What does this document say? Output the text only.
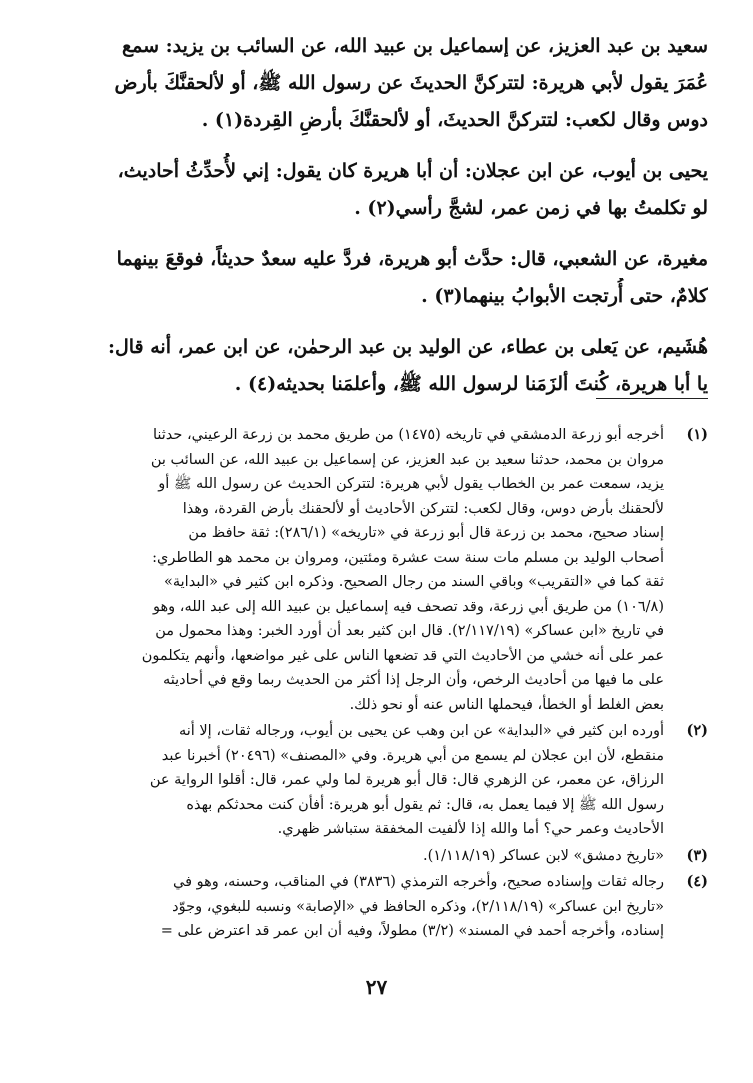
سعيد بن عبد العزيز، عن إسماعيل بن عبيد الله، عن السائب بن يزيد: سمع
عُمَرَ يقول لأبي هريرة: لتتركنَّ الحديثَ عن رسول الله ﷺ، أو لألحقنَّكَ بأرض
دوس وقال لكعب: لتتركنَّ الحديثَ، أو لألحقنَّكَ بأرضِ القِردة(١) .
يحيى بن أيوب، عن ابن عجلان: أن أبا هريرة كان يقول: إني لأُحدِّثُ أحاديث،
لو تكلمتُ بها في زمن عمر، لشجَّ رأسي(٢) .
مغيرة، عن الشعبي، قال: حدَّث أبو هريرة، فردَّ عليه سعدٌ حديثاً، فوقعَ بينهما
كلامٌ، حتى أُرتجت الأبوابُ بينهما(٣) .
هُشَيم، عن يَعلى بن عطاء، عن الوليد بن عبد الرحمٰن، عن ابن عمر، أنه قال:
يا أبا هريرة، كُنتَ ألزَمَنا لرسول الله ﷺ، وأعلمَنا بحديثه(٤) .
(١)
أخرجه أبو زرعة الدمشقي في تاريخه (١٤٧٥) من طريق محمد بن زرعة الرعيني، حدثنا
مروان بن محمد، حدثنا سعيد بن عبد العزيز، عن إسماعيل بن عبيد الله، عن السائب بن
يزيد، سمعت عمر بن الخطاب يقول لأبي هريرة: لتتركن الحديث عن رسول الله ﷺ أو
لألحقنك بأرض دوس، وقال لكعب: لتتركن الأحاديث أو لألحقنك بأرض القردة، وهذا
إسناد صحيح، محمد بن زرعة قال أبو زرعة في «تاريخه» (٢٨٦/١): ثقة حافظ من
أصحاب الوليد بن مسلم مات سنة ست عشرة ومئتين، ومروان بن محمد هو الطاطري:
ثقة كما في «التقريب» وباقي السند من رجال الصحيح. وذكره ابن كثير في «البداية»
(١٠٦/٨) من طريق أبي زرعة، وقد تصحف فيه إسماعيل بن عبيد الله إلى عبد الله، وهو
في تاريخ «ابن عساكر» (٢/١١٧/١٩). قال ابن كثير بعد أن أورد الخبر: وهذا محمول من
عمر على أنه خشي من الأحاديث التي قد تضعها الناس على غير مواضعها، وأنهم يتكلمون
على ما فيها من أحاديث الرخص، وأن الرجل إذا أكثر من الحديث ربما وقع في أحاديثه
بعض الغلط أو الخطأ، فيحملها الناس عنه أو نحو ذلك.
(٢)
أورده ابن كثير في «البداية» عن ابن وهب عن يحيى بن أيوب، ورجاله ثقات، إلا أنه
منقطع، لأن ابن عجلان لم يسمع من أبي هريرة. وفي «المصنف» (٢٠٤٩٦) أخبرنا عبد
الرزاق، عن معمر، عن الزهري قال: قال أبو هريرة لما ولي عمر، قال: أقلوا الرواية عن
رسول الله ﷺ إلا فيما يعمل به، قال: ثم يقول أبو هريرة: أفأن كنت محدثكم بهذه
الأحاديث وعمر حي؟ أما والله إذا لألفيت المخفقة ستباشر ظهري.
(٣)
«تاريخ دمشق» لابن عساكر (١/١١٨/١٩).
(٤)
رجاله ثقات وإسناده صحيح، وأخرجه الترمذي (٣٨٣٦) في المناقب، وحسنه، وهو في
«تاريخ ابن عساكر» (٢/١١٨/١٩)، وذكره الحافظ في «الإصابة» ونسبه للبغوي، وجوّد
إسناده، وأخرجه أحمد في المسند» (٣/٢) مطولاً، وفيه أن ابن عمر قد اعترض على =
٢٧
